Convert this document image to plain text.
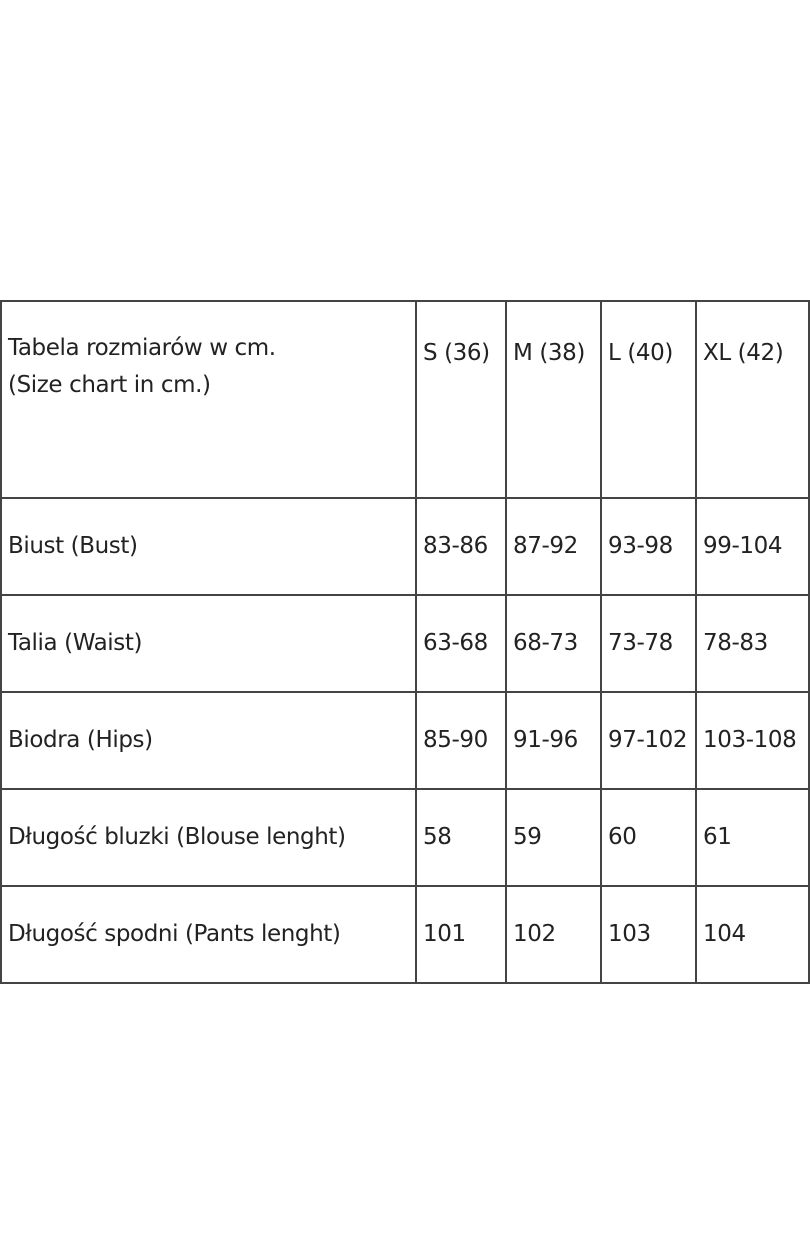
Tabela rozmiarów w cm.
(Size chart in cm.)	S (36)	M (38)	L (40)	XL (42)
Biust (Bust)	83-86	87-92	93-98	99-104
Talia (Waist)	63-68	68-73	73-78	78-83
Biodra (Hips)	85-90	91-96	97-102	103-108
Długość bluzki (Blouse lenght)	58	59	60	61
Długość spodni (Pants lenght)	101	102	103	104
